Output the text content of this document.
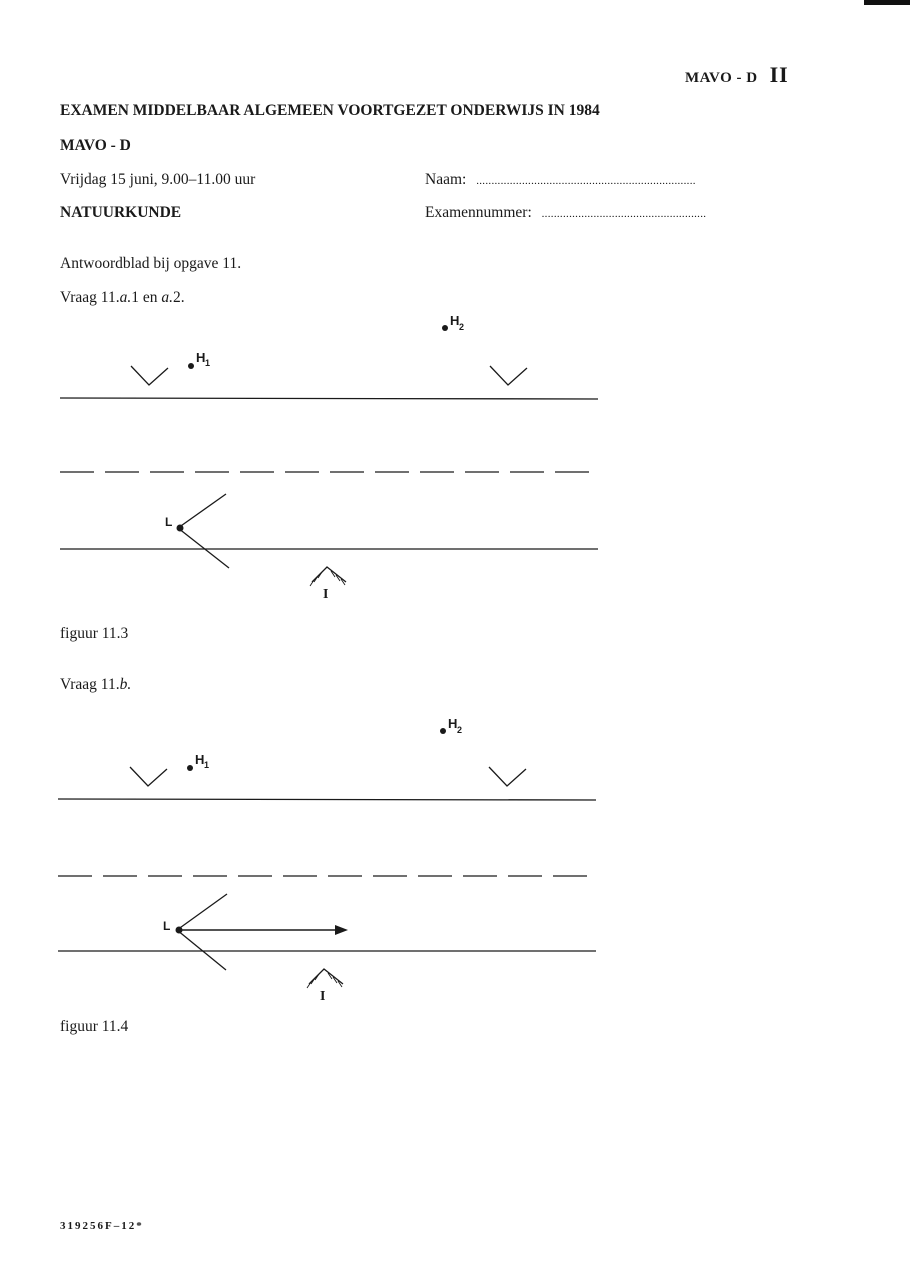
MAVO - D II
EXAMEN MIDDELBAAR ALGEMEEN VOORTGEZET ONDERWIJS IN 1984
MAVO - D
Vrijdag 15 juni, 9.00–11.00 uur
NATUURKUNDE
Naam: ........................................................................
Examennummer: ......................................................
Antwoordblad bij opgave 11.
Vraag 11.a.1 en a.2.
H 1
H 2
L
I
figuur 11.3
Vraag 11.b.
H 1
H 2
L
I
figuur 11.4
319256F–12*
